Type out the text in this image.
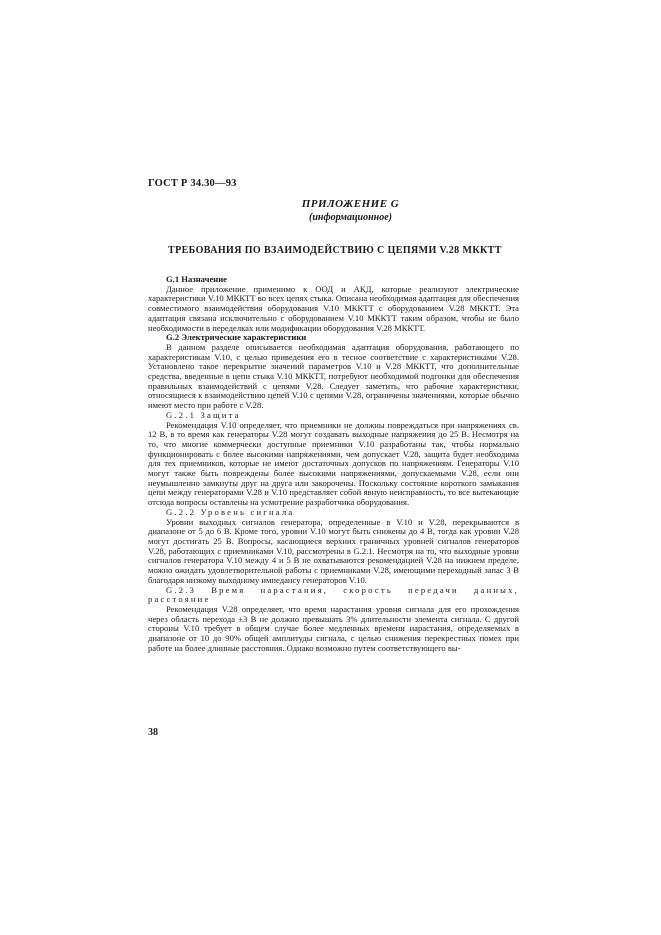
ГОСТ Р 34.30—93
ПРИЛОЖЕНИЕ G
(информационное)
ТРЕБОВАНИЯ ПО ВЗАИМОДЕЙСТВИЮ С ЦЕПЯМИ V.28 МККТТ

G.1 Назначение

Данное приложение применимо к ООД и АКД, которые реализуют электрические характеристики V.10 МККТТ во всех цепях стыка. Описана необходимая адаптация для обеспечения совместимого взаимодействия оборудования V.10 МККТТ с оборудованием V.28 МККТТ. Эта адаптация связана исключительно с оборудованием V.10 МККТТ таким образом, чтобы не было необходимости в переделках или модификации оборудования V.28 МККТТ.

G.2 Электрические характеристики

В данном разделе описывается необходимая адаптация оборудования, работающего по характеристикам V.10, с целью приведения его в тесное соответствие с характеристиками V.28. Установлено такое перекрытие значений параметров V.10 и V.28 МККТТ, что дополнительные средства, введенные в цепи стыка V.10 МККТТ, потребуют необходимой подгонки для обеспечения правильных взаимодействий с цепями V.28. Следует заметить, что рабочие характеристики, относящиеся к взаимодействию цепей V.10 с цепями V.28, ограничены значениями, которые обычно имеют место при работе с V.28.

G.2.1 Защита

Рекомендация V.10 определяет, что приемники не должны повреждаться при напряжениях св. 12 В, в то время как генераторы V.28 могут создавать выходные напряжения до 25 В. Несмотря на то, что многие коммерчески доступные приемники V.10 разработаны так, чтобы нормально функционировать с более высокими напряжениями, чем допускает V.28, защита будет необходима для тех приемников, которые не имеют достаточных допусков по напряжениям. Генераторы V.10 могут также быть повреждены более высокими напряжениями, допускаемыми V.28, если они неумышленно замкнуты друг на друга или закорочены. Поскольку состояние короткого замыкания цепи между генераторами V.28 и V.10 представляет собой явную неисправность, то все вытекающие отсюда вопросы оставлены на усмотрение разработчика оборудования.

G.2.2 Уровень сигнала

Уровни выходных сигналов генератора, определенные в V.10 и V.28, перекрываются в диапазоне от 5 до 6 В. Кроме того, уровни V.10 могут быть снижены до 4 В, тогда как уровни V.28 могут достигать 25 В. Вопросы, касающиеся верхних граничных уровней сигналов генераторов V.28, работающих с приемниками V.10, рассмотрены в G.2.1. Несмотря на то, что выходные уровни сигналов генератора V.10 между 4 и 5 В не охватываются рекомендацией V.28 на нижнем пределе, можно ожидать удовлетворительной работы с приемниками V.28, имеющими переходный запас 3 В благодаря низкому выходному импедансу генераторов V.10.

G.2.3 Время нарастания, скорость передачи данных, расстояние

Рекомендация V.28 определяет, что время нарастания уровня сигнала для его прохождения через область перехода ±3 В не должно превышать 3% длительности элемента сигнала. С другой стороны V.10 требует в общем случае более медленных времени нарастания, определяемых в диапазоне от 10 до 90% общей амплитуды сигнала, с целью снижения перекрестных помех при работе на более длинные расстояния. Однако возможно путем соответствующего вы-

38
